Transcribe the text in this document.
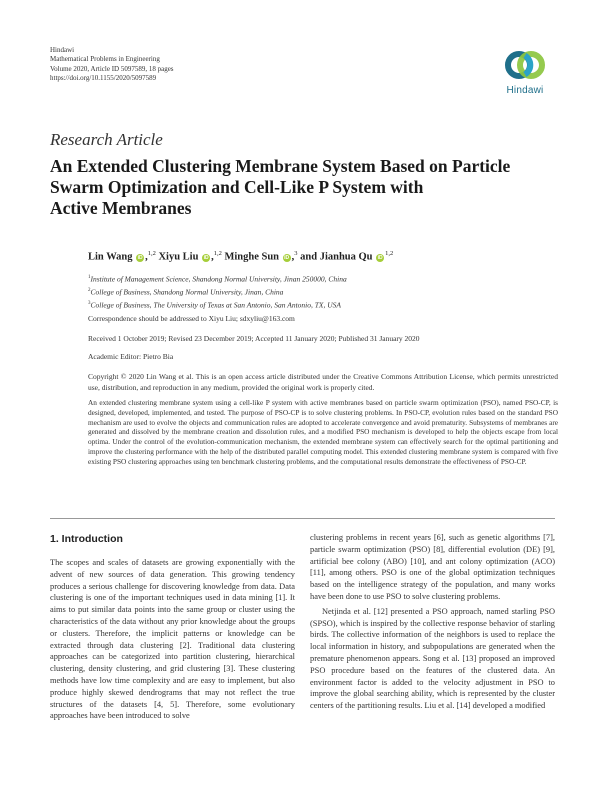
Hindawi
Mathematical Problems in Engineering
Volume 2020, Article ID 5097589, 18 pages
https://doi.org/10.1155/2020/5097589
Hindawi
Research Article
An Extended Clustering Membrane System Based on Particle
Swarm Optimization and Cell-Like P System with
Active Membranes
Lin Wang iD ,$^{1,2}$ Xiyu Liu iD ,$^{1,2}$ Minghe Sun iD ,$^3$ and Jianhua Qu iD$^{1,2}$
$^1$Institute of Management Science, Shandong Normal University, Jinan 250000, China
$^2$College of Business, Shandong Normal University, Jinan, China
$^3$College of Business, The University of Texas at San Antonio, San Antonio, TX, USA
Correspondence should be addressed to Xiyu Liu; sdxyliu@163.com
Received 1 October 2019; Revised 23 December 2019; Accepted 11 January 2020; Published 31 January 2020
Academic Editor: Pietro Bia
Copyright © 2020 Lin Wang et al. This is an open access article distributed under the Creative Commons Attribution License, which permits unrestricted use, distribution, and reproduction in any medium, provided the original work is properly cited.
An extended clustering membrane system using a cell-like P system with active membranes based on particle swarm optimization (PSO), named PSO-CP, is designed, developed, implemented, and tested. The purpose of PSO-CP is to solve clustering problems. In PSO-CP, evolution rules based on the standard PSO mechanism are used to evolve the objects and communication rules are adopted to accelerate convergence and avoid prematurity. Subsystems of membranes are generated and dissolved by the membrane creation and dissolution rules, and a modified PSO mechanism is developed to help the objects escape from local optima. Under the control of the evolution-communication mechanism, the extended membrane system can effectively search for the optimal partitioning and improve the clustering performance with the help of the distributed parallel computing model. This extended clustering membrane system is compared with five existing PSO clustering approaches using ten benchmark clustering problems, and the computational results demonstrate the effectiveness of PSO-CP.
1. Introduction

The scopes and scales of datasets are growing exponentially with the advent of new sources of data generation. This growing tendency produces a serious challenge for discovering knowledge from data. Data clustering is one of the important techniques used in data mining [1]. It aims to put similar data points into the same group or cluster using the characteristics of the data without any prior knowledge about the groups or clusters. Therefore, the implicit patterns or knowledge can be extracted through data clustering [2]. Traditional data clustering approaches can be categorized into partition clustering, hierarchical clustering, density clustering, and grid clustering [3]. These clustering methods have low time complexity and are easy to implement, but also produce highly skewed dendrograms that may not reflect the true structures of the datasets [4, 5]. Therefore, some evolutionary approaches have been introduced to solve

clustering problems in recent years [6], such as genetic algorithms [7], particle swarm optimization (PSO) [8], differential evolution (DE) [9], artificial bee colony (ABO) [10], and ant colony optimization (ACO) [11], among others. PSO is one of the global optimization techniques based on the intelligence strategy of the population, and many works have been done to use PSO to solve clustering problems.

Netjinda et al. [12] presented a PSO approach, named starling PSO (SPSO), which is inspired by the collective response behavior of starling birds. The collective information of the neighbors is used to replace the local information in history, and subpopulations are generated when the premature phenomenon appears. Song et al. [13] proposed an improved PSO procedure based on the features of the clustered data. An environment factor is added to the velocity adjustment in PSO to improve the global searching ability, which is represented by the cluster centers of the partitioning results. Liu et al. [14] developed a modified
